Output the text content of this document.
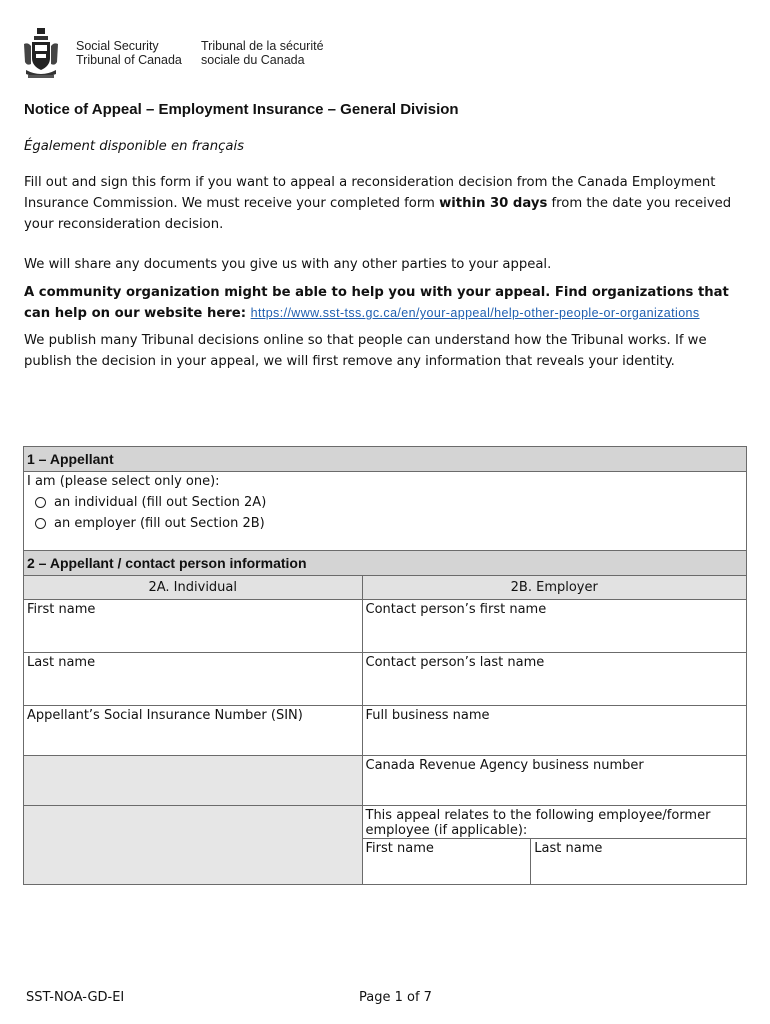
Social Security
Tribunal of Canada
Tribunal de la sécurité
sociale du Canada
Notice of Appeal – Employment Insurance – General Division
Également disponible en français
Fill out and sign this form if you want to appeal a reconsideration decision from the Canada Employment Insurance Commission. We must receive your completed form within 30 days from the date you received your reconsideration decision.
We will share any documents you give us with any other parties to your appeal.
A community organization might be able to help you with your appeal. Find organizations that can help on our website here: https://www.sst-tss.gc.ca/en/your-appeal/help-other-people-or-organizations
We publish many Tribunal decisions online so that people can understand how the Tribunal works. If we publish the decision in your appeal, we will first remove any information that reveals your identity.
1 – Appellant		

I am (please select only one):
an individual (fill out Section 2A)
an employer (fill out Section 2B)		

2 – Appellant / contact person information		
2A. Individual	2B. Employer	
First name	Contact person’s first name	
Last name	Contact person’s last name	
Appellant’s Social Insurance Number (SIN)	Full business name	
	Canada Revenue Agency business number	
	This appeal relates to the following employee/former employee (if applicable):	
	First name	Last name
SST-NOA-GD-EI	Page 1 of 7
